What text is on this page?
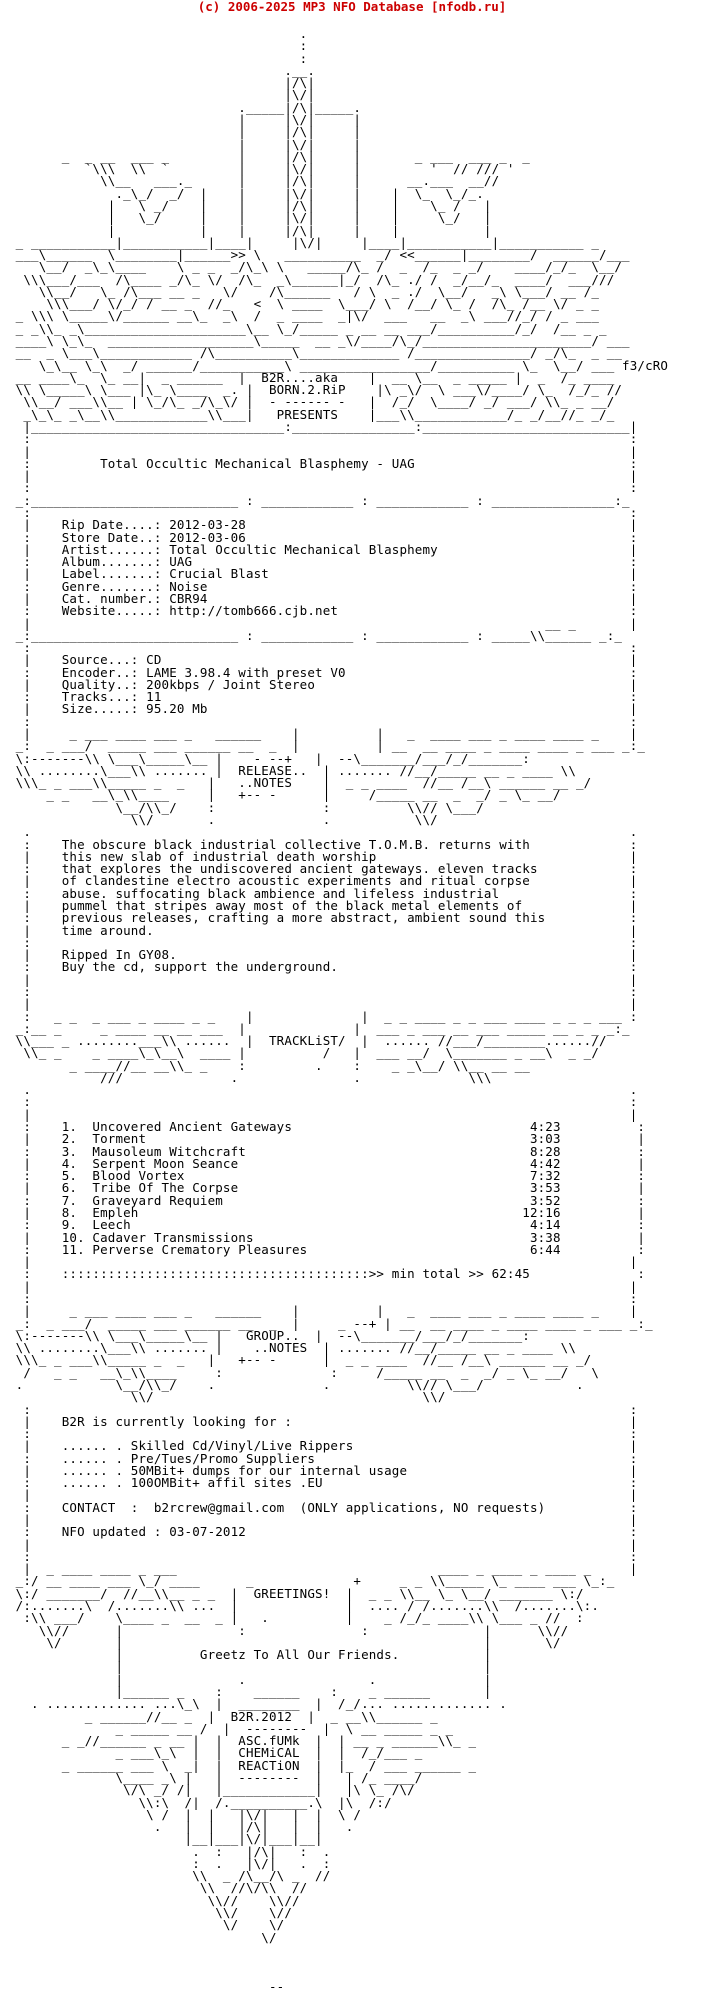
(c) 2006-2025 MP3 NFO Database [nfodb.ru]
.
:
:
.__.
|/\|
|\/|
._____|/\|_____.
|     |\/|     |
|     |/\|     |
|     |\/|     |
_  _ __  ___ _         |     |/\|     |       _ ___  ___ _  _
`\\\  \\  `         |     |\/|     |         '  // /// '
\\__   ___._      |     |/\|     |      __.___  __//
._\_/  _/  |    |     |\/|     |    |  \_  \_/_.
|   \ _/    |    |     |/\|     |    |    \_ /   |
|   \_/     |    |     |\/|     |    |     \_/   |
|           |    |     |/\|     |    |           |
_ ___________|___________|____|     |\/|     |____|___________|___________ _
___\______  \________|______>> \   __________  _/ <<______|________/  ______/___
\__/  _\_\____    \ _ _  _/\_\ \   _____/\_ /  _  /_  _ _/    ____/_/_  \__/
\\\___/___  /\____ _/\_ \/  /\_  _\______|_/  /\_ ./ /  _/__/_  ____/  ___///
\\__/   \_ /\___ __ _   \/    /\______   / \  _ ./  \__/   _\ \___/ __ /_
\\\___/ \/_/ / __ _  //_   <  \ ____  \___/ \  /__/ \_ /  /\_ /__ \/ _ _
_ \\\ \_____\/______ __\_  _\  /  _ ____  _|\/  ___   __  _\ ___//_/ / _ ___
_ _\\_ _\_____________________\__ \_/_____ _ __ __ ___/__________/_/  /__ _ _
____\ \_\_  ___________________\_____  __ _\/____/\_/______________________/ ___
__  _ \___\____________ /\__________\_____________ /_______________/ _/\_  _ __
\_\__ \_\  _/ ______/___________\ _________________/__________ \_  \__/ ___ f3/cRO
__ ____\_  \_ __|  _ ______  |  B2R....aka    |  __ \__  _ _____ |  _  /_ ____
\\ \_____\ \___ |\_ \____  _. |  BORN.2.RiP    |\ _\/  \ ___\/____/ \_  /_/_ //
\\__/ ___\\__ | \_/\_ _/\_\/ |  - ------ -   |  /_/  \____/ _/ ___/ \\_ _ __/
_\_\_ _\__\\____________\\___|   PRESENTS    |___\\____________/_ _/__//_ _/_
|_________________________________:________________:___________________________|
:                                                                              :
|                                                                              |
:         Total Occultic Mechanical Blasphemy - UAG                            :
|                                                                              |
:                                                                              :
_:___________________________ : ____________ : ____________ : ________________:_
:                                                                              :
|    Rip Date....: 2012-03-28                                                  |
:    Store Date..: 2012-03-06                                                  :
|    Artist......: Total Occultic Mechanical Blasphemy                         |
:    Album.......: UAG                                                         :
|    Label.......: Crucial Blast                                               |
:    Genre.......: Noise                                                       :
|    Cat. number.: CBR94                                                       |
:    Website.....: http://tomb666.cjb.net                                      :
|                                                                   __ _       |
_:___________________________ : ____________ : ____________ : _____\\______ _:_
:                                                                              :
|    Source...: CD                                                             |
:    Encoder..: LAME 3.98.4 with preset V0                                     :
|    Quality..: 200kbps / Joint Stereo                                         |
:    Tracks...: 11                                                             :
|    Size.....: 95.20 Mb                                                       |
:                                                                              :
|     _ ___ ____ ___ _   ______    |          |   _  ____ ___ _ ____ ____ _    |
_:  _ ___/  _____ ___ ______ __  _  |          | __  __ ____ _ ____ ____ _ ___ _:_
\:-------\\ \___\_____\__ |    - --+   |  --\_______/___/_/_______:
\\ ........\___\\ ....... |  RELEASE..  | ....... //__/_____ __ _ ____ \\
\\\_ _ ___\\_____ _  _   |   ..NOTES    |  _ _ ____  //__ /__\ ______ __ _/
_ _   __\_\\____     |   +-- -      |     /_____ __  _  _/ _ \_ __/
\__/\\_/    :              :          \\// \___/
\\/       .              .           \\/
.                                                                              .
:    The obscure black industrial collective T.O.M.B. returns with             :
|    this new slab of industrial death worship                                 |
:    that explores the undiscovered ancient gateways. eleven tracks            :
|    of clandestine electro acoustic experiments and ritual corpse             |
:    abuse. suffocating black ambience and lifeless industrial                 :
|    pummel that stripes away most of the black metal elements of              |
:    previous releases, crafting a more abstract, ambient sound this           :
|    time around.                                                              |
:                                                                              :
|    Ripped In GY08.                                                           |
:    Buy the cd, support the underground.                                      :
|                                                                              |
:                                                                              :
|                                                                              |
:   _ _  _ ___ _ ____ _ _    |              |  _ _ ____ _ _ ___ ____ _ _ _ ___ :
_:__ _     _ ____ __ __ ___  |              |  ___ _ ___ __ ___ _____ __ _ _ _:_
\\___ _ ........___\\ ......  |  TRACKLiST/  |  ...... //___/________......//
\\_ _    _ ____\_\__\  ____ |          /   |  ___ __/  \_______ _ __\  _ _/
_ ____//__ __\\_ _    :         .    :    _ _\__/ \\__ __ __
///              .               .              \\\
.                                                                              .
:                                                                              :
|                                                                              |
:    1.  Uncovered Ancient Gateways                               4:23          :
|    2.  Torment                                                  3:03          |
:    3.  Mausoleum Witchcraft                                     8:28          :
|    4.  Serpent Moon Seance                                      4:42          |
:    5.  Blood Vortex                                             7:32          :
|    6.  Tribe Of The Corpse                                      3:53          |
:    7.  Graveyard Requiem                                        3:52          :
|    8.  Empleh                                                  12:16          |
:    9.  Leech                                                    4:14          :
|    10. Cadaver Transmissions                                    3:38          |
:    11. Perverse Crematory Pleasures                             6:44          :
|                                                                              |
:    ::::::::::::::::::::::::::::::::::::::::>> min total >> 62:45              :
|                                                                              |
:                                                                              :
|     _ ___ ____ ___ _   ______    |          |   _  ____ ___ _ ____ ____ _    |
_:  _ ___/  _____ ___ ______ __  _  |     _ --+ | __  __ ____ _ ____ ____ _ ___ _:_
\:-------\\ \___\_____\__ |   GROUP..  |  --\_______/___/_/_______:
\\ ........\___\\ ....... |    ..NOTES  | ....... //__/_____ __ _ ____ \\
\\\_ _ ___\\_____ _  _   |   +-- -      |  _ _ ____  //__ /__\ ______ __ _/
/   _ _   __\_\\____     :              :     /_____ __  _  _/ _ \_ __/   \
.            \__/\\_/    .              .          \\// \___/            .
\\/                                   \\/
:                                                                              :
|    B2R is currently looking for :                                            |
:                                                                              :
|    ...... . Skilled Cd/Vinyl/Live Rippers                                    |
:    ...... . Pre/Tues/Promo Suppliers                                         :
|    ...... . 50MBit+ dumps for our internal usage                             |
:    ...... . 100OMBit+ affil sites .EU                                        :
|                                                                              |
:    CONTACT  :  b2rcrew@gmail.com  (ONLY applications, NO requests)           :
|                                                                              |
:    NFO updated : 03-07-2012                                                  :
|                                                                              |
:                                                                              :
|  _ ____ ____ _ ___                                  ____ _ ____ _ ____ _     |
_:/ __ ____ ___ \_/ ____      _             +     _ _ \\_____ \_ ____ ___ \_:_
\:/ _______/  //__\\__ _ _  |  GREETINGS!  |  _ _ \\__ \_ \__/ _______ \:/
/:.......\  /.......\\ ...  |              |  .... / /.......\\  /.......\:.
:\\ ___/    \____ _  __  _ |   .          |    _ /_/_ ____\\ \___ _ //  :
\\//      |               :               :               |      \\//
\/       |                                               |       \/
|          Greetz To All Our Friends.           |
|                                               |
|               .                .              |
|______ _    :    ______    :    _ ______       |
. ............. ...\_\  |  ________  |  /_/... ............. .
_ ______//__ _  |  B2R.2012  |  _ __\\______ _
_ _____ __ /  |  --------  |  \ __ _____ _ _
_ _//______ _ __ |  |  ASC.fUMk  |  | __ _ ______\\_ _
_ ___\_\  |  |  CHEMiCAL  |  |  /_/___ _
_ ______ ___ \  _|  |  REACTiON  |  |_  / ___ ______ _
\____ _\ |   |  --------  |   | /_ ____/
\/\ _/ /|   |____________|   |\ \_ /\/
\\:\  /|  /.__________.\  |\  /:/
\ /  |  |   |\/|   |  |  \ /
.   |  |   |/\|   |  |   .
|__|___|\/|___|__|
.  :   |/\|   :  .
:  .   |\/|   .  :
\\  _ /\__/\ _  //
\\  //\/\\  //
\\//    \\//
\\/    \//
\/    \/
\/

--
